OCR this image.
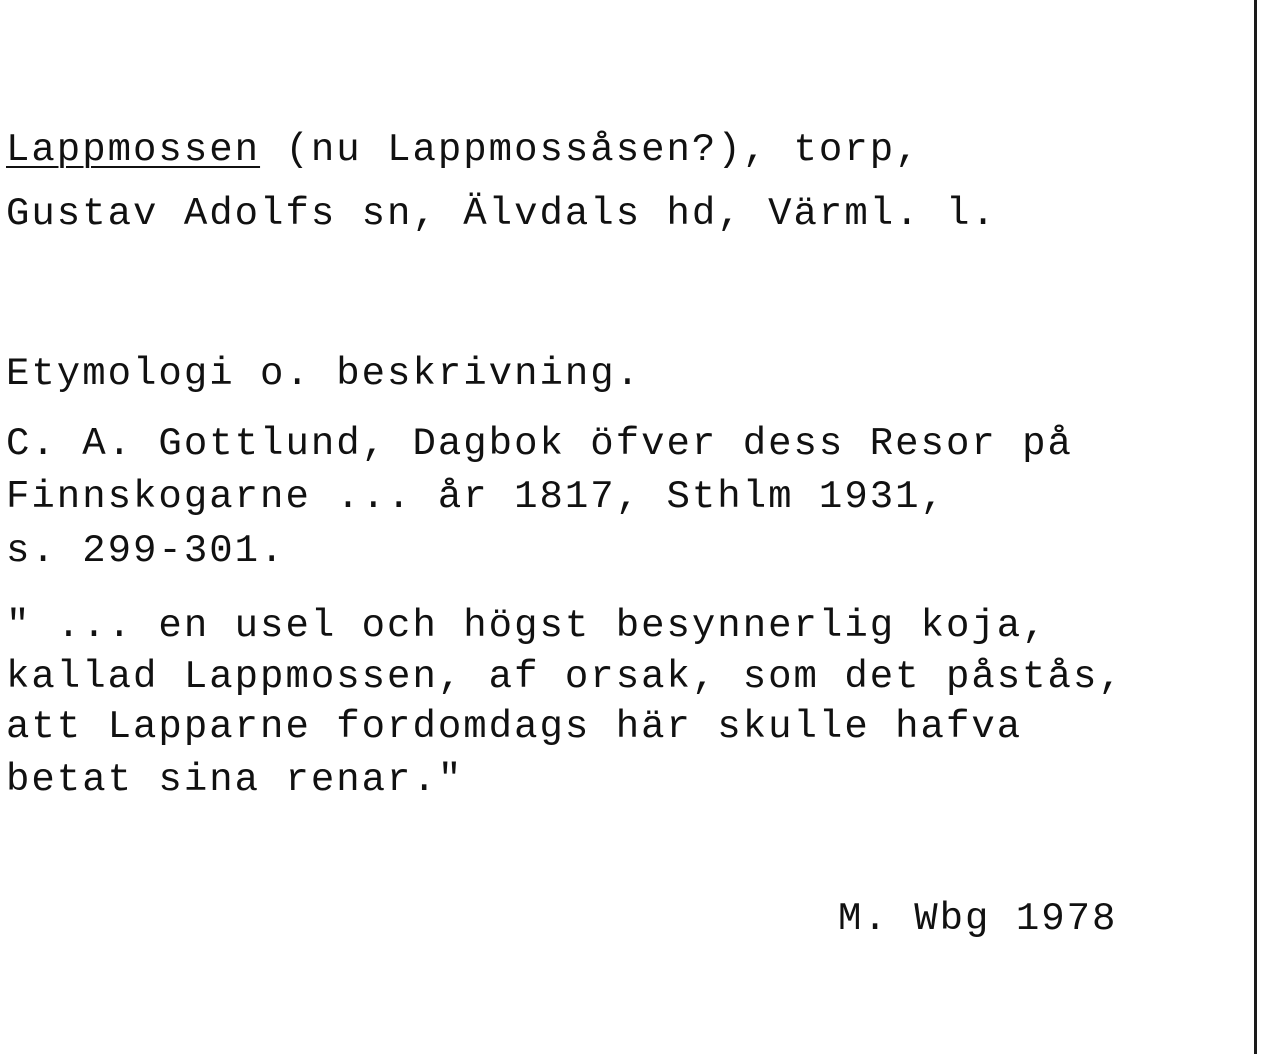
Lappmossen (nu Lappmossåsen?), torp,
Gustav Adolfs sn, Älvdals hd, Värml. l.
Etymologi o. beskrivning.
C. A. Gottlund, Dagbok öfver dess Resor på
Finnskogarne ... år 1817, Sthlm 1931,
s. 299-301.
" ... en usel och högst besynnerlig koja,
kallad Lappmossen, af orsak, som det påstås,
att Lapparne fordomdags här skulle hafva
betat sina renar."
M. Wbg 1978
